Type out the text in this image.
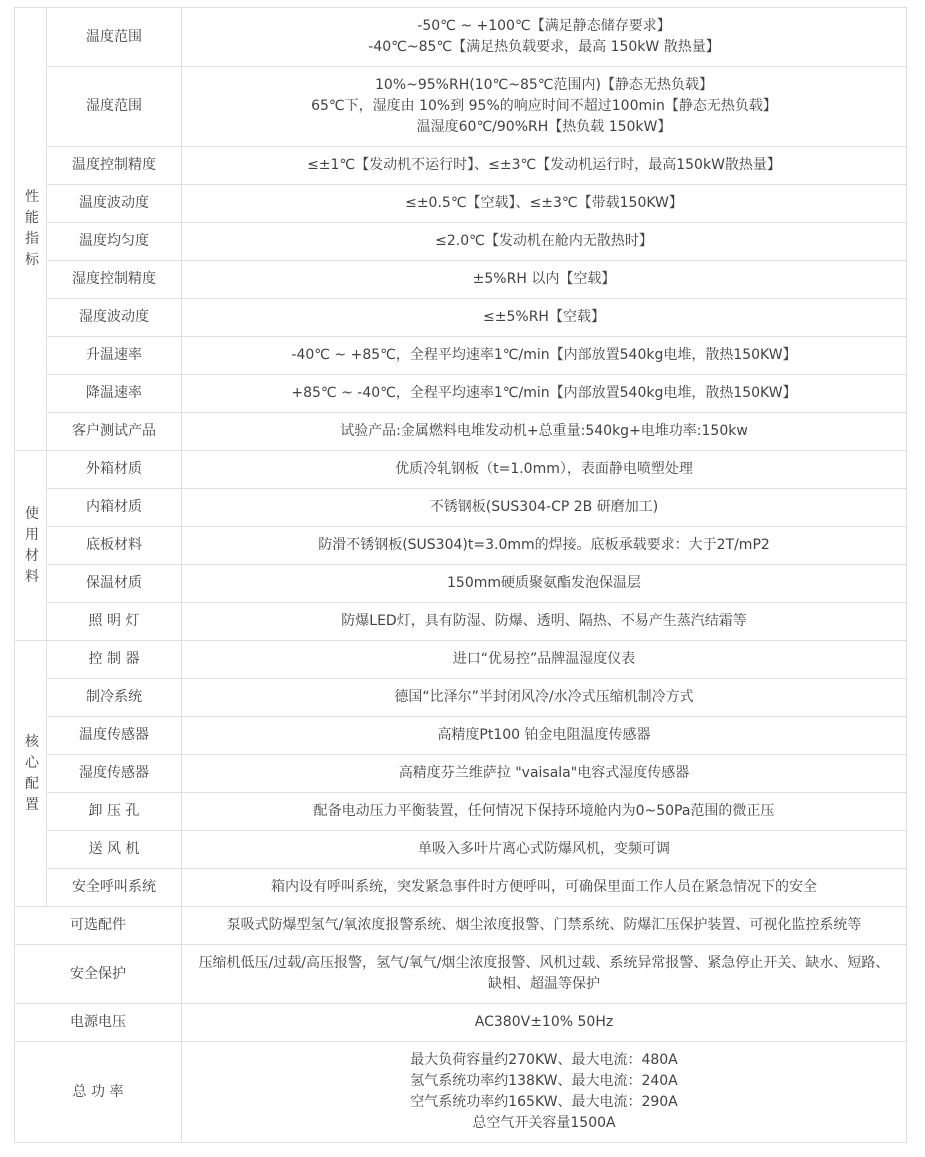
性能指标	温度范围	-50℃ ~ +100℃【满足静态储存要求】
-40℃~85℃【满足热负载要求，最高 150kW 散热量】

	湿度范围	10%~95%RH(10℃~85℃范围内)【静态无热负载】
65℃下，湿度由 10%到 95%的响应时间不超过100min【静态无热负载】
温湿度60℃/90%RH【热负载 150kW】

	温度控制精度	≤±1℃【发动机不运行时】、≤±3℃【发动机运行时，最高150kW散热量】

	温度波动度	≤±0.5℃【空载】、≤±3℃【带载150KW】

	温度均匀度	≤2.0℃【发动机在舱内无散热时】

	湿度控制精度	±5%RH 以内【空载】

	湿度波动度	≤±5%RH【空载】

	升温速率	-40℃ ~ +85℃，全程平均速率1℃/min【内部放置540kg电堆，散热150KW】

	降温速率	+85℃ ~ -40℃，全程平均速率1℃/min【内部放置540kg电堆，散热150KW】

	客户测试产品	试验产品:金属燃料电堆发动机+总重量:540kg+电堆功率:150kw

使用材料	外箱材质	优质冷轧钢板（t=1.0mm），表面静电喷塑处理

	内箱材质	不锈钢板(SUS304-CP 2B 研磨加工)

	底板材料	防滑不锈钢板(SUS304)t=3.0mm的焊接。底板承载要求：大于2T/mP2

	保温材质	150mm硬质聚氨酯发泡保温层

	照 明 灯	防爆LED灯，具有防湿、防爆、透明、隔热、不易产生蒸汽结霜等

核心配置	控 制 器	进口“优易控”品牌温湿度仪表

	制冷系统	德国“比泽尔”半封闭风冷/水冷式压缩机制冷方式

	温度传感器	高精度Pt100 铂金电阻温度传感器

	湿度传感器	高精度芬兰维萨拉 "vaisala"电容式湿度传感器

	卸 压 孔	配备电动压力平衡装置，任何情况下保持环境舱内为0~50Pa范围的微正压

	送 风 机	单吸入多叶片离心式防爆风机，变频可调

	安全呼叫系统	箱内设有呼叫系统，突发紧急事件时方便呼叫，可确保里面工作人员在紧急情况下的安全

可选配件		泵吸式防爆型氢气/氧浓度报警系统、烟尘浓度报警、门禁系统、防爆汇压保护装置、可视化监控系统等

安全保护		压缩机低压/过载/高压报警，氢气/氧气/烟尘浓度报警、风机过载、系统异常报警、紧急停止开关、缺水、短路、缺相、超温等保护

电源电压		AC380V±10% 50Hz

总 功 率		最大负荷容量约270KW、最大电流：480A
氢气系统功率约138KW、最大电流：240A
空气系统功率约165KW、最大电流：290A
总空气开关容量1500A
